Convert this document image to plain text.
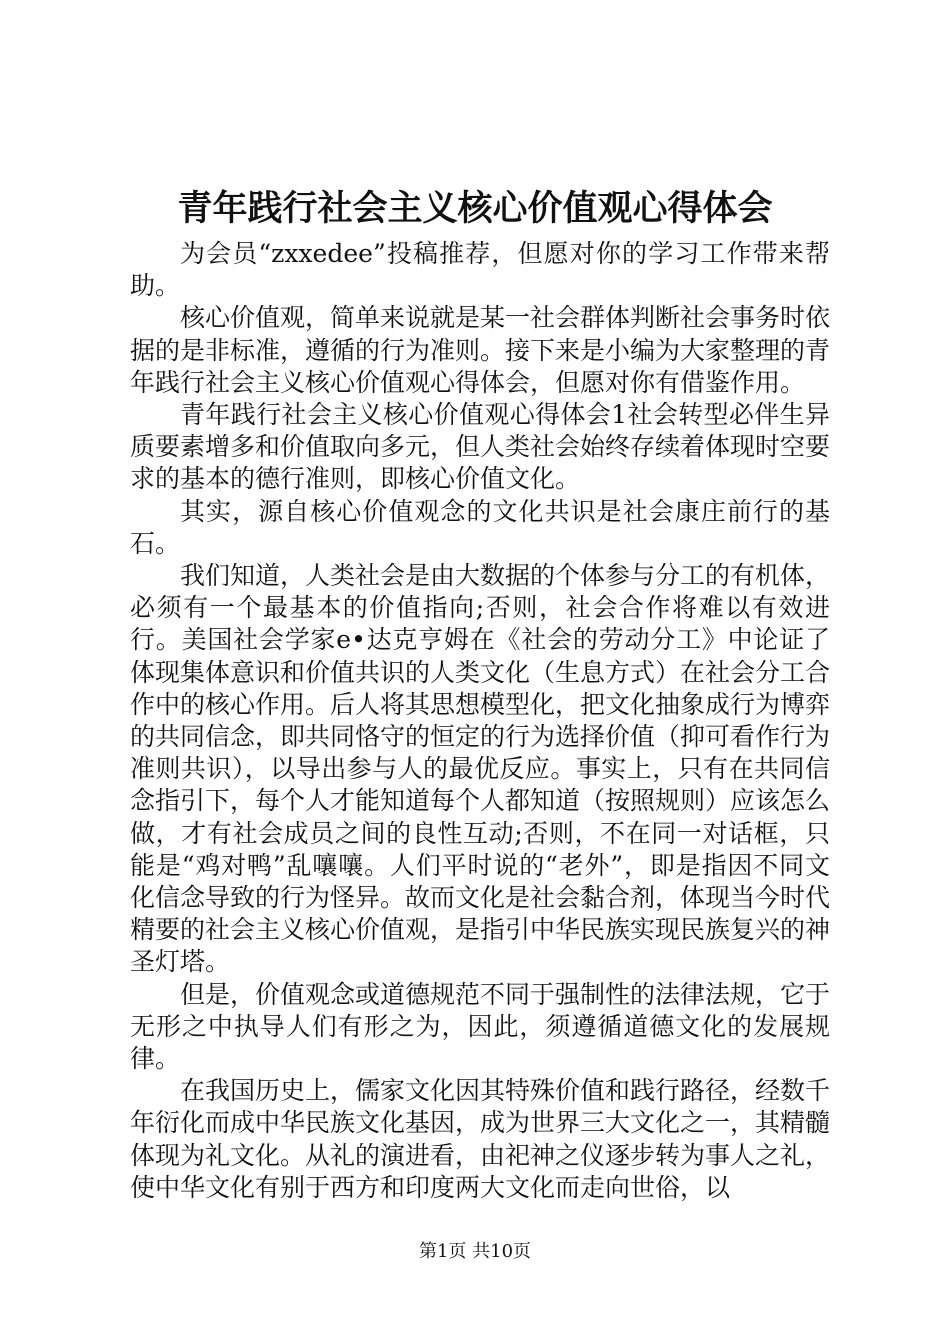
青年践行社会主义核心价值观心得体会

为会员“zxxedee”投稿推荐，但愿对你的学习工作带来帮助。

核心价值观，简单来说就是某一社会群体判断社会事务时依据的是非标准，遵循的行为准则。接下来是小编为大家整理的青年践行社会主义核心价值观心得体会，但愿对你有借鉴作用。

青年践行社会主义核心价值观心得体会1社会转型必伴生异质要素增多和价值取向多元，但人类社会始终存续着体现时空要求的基本的德行准则，即核心价值文化。

其实，源自核心价值观念的文化共识是社会康庄前行的基石。

我们知道，人类社会是由大数据的个体参与分工的有机体，必须有一个最基本的价值指向;否则，社会合作将难以有效进行。美国社会学家e•达克亨姆在《社会的劳动分工》中论证了体现集体意识和价值共识的人类文化（生息方式）在社会分工合作中的核心作用。后人将其思想模型化，把文化抽象成行为博弈的共同信念，即共同恪守的恒定的行为选择价值（抑可看作行为准则共识），以导出参与人的最优反应。事实上，只有在共同信念指引下，每个人才能知道每个人都知道（按照规则）应该怎么做，才有社会成员之间的良性互动;否则，不在同一对话框，只能是“鸡对鸭”乱嚷嚷。人们平时说的“老外”，即是指因不同文化信念导致的行为怪异。故而文化是社会黏合剂，体现当今时代精要的社会主义核心价值观，是指引中华民族实现民族复兴的神圣灯塔。

但是，价值观念或道德规范不同于强制性的法律法规，它于无形之中执导人们有形之为，因此，须遵循道德文化的发展规律。

在我国历史上，儒家文化因其特殊价值和践行路径，经数千年衍化而成中华民族文化基因，成为世界三大文化之一，其精髓体现为礼文化。从礼的演进看，由祀神之仪逐步转为事人之礼，使中华文化有别于西方和印度两大文化而走向世俗，以

第1页 共10页
